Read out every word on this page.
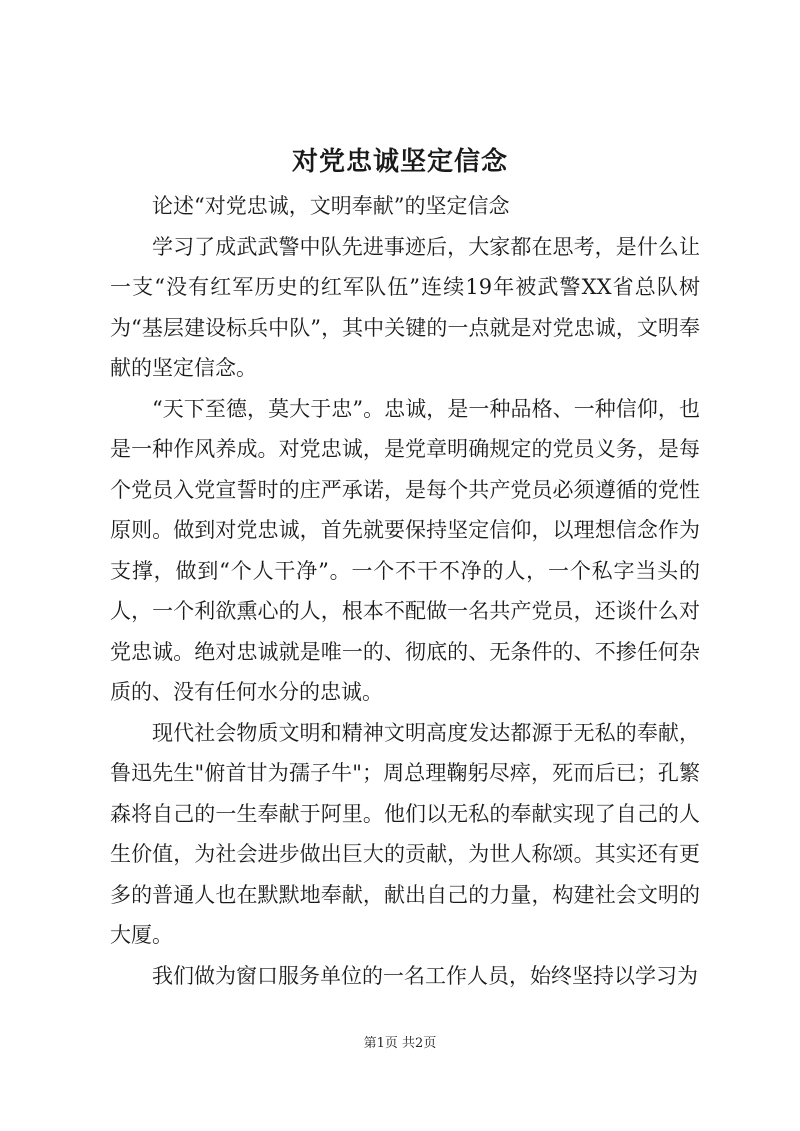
对党忠诚坚定信念

论述“对党忠诚，文明奉献”的坚定信念

学习了成武武警中队先进事迹后，大家都在思考，是什么让一支“没有红军历史的红军队伍”连续19年被武警XX省总队树为“基层建设标兵中队”，其中关键的一点就是对党忠诚，文明奉献的坚定信念。

“天下至德，莫大于忠”。忠诚，是一种品格、一种信仰，也是一种作风养成。对党忠诚，是党章明确规定的党员义务，是每个党员入党宣誓时的庄严承诺，是每个共产党员必须遵循的党性原则。做到对党忠诚，首先就要保持坚定信仰，以理想信念作为支撑，做到“个人干净”。一个不干不净的人，一个私字当头的人，一个利欲熏心的人，根本不配做一名共产党员，还谈什么对党忠诚。绝对忠诚就是唯一的、彻底的、无条件的、不掺任何杂质的、没有任何水分的忠诚。

现代社会物质文明和精神文明高度发达都源于无私的奉献，鲁迅先生"俯首甘为孺子牛"；周总理鞠躬尽瘁，死而后已；孔繁森将自己的一生奉献于阿里。他们以无私的奉献实现了自己的人生价值，为社会进步做出巨大的贡献，为世人称颂。其实还有更多的普通人也在默默地奉献，献出自己的力量，构建社会文明的大厦。

我们做为窗口服务单位的一名工作人员，始终坚持以学习为

第1页 共2页
